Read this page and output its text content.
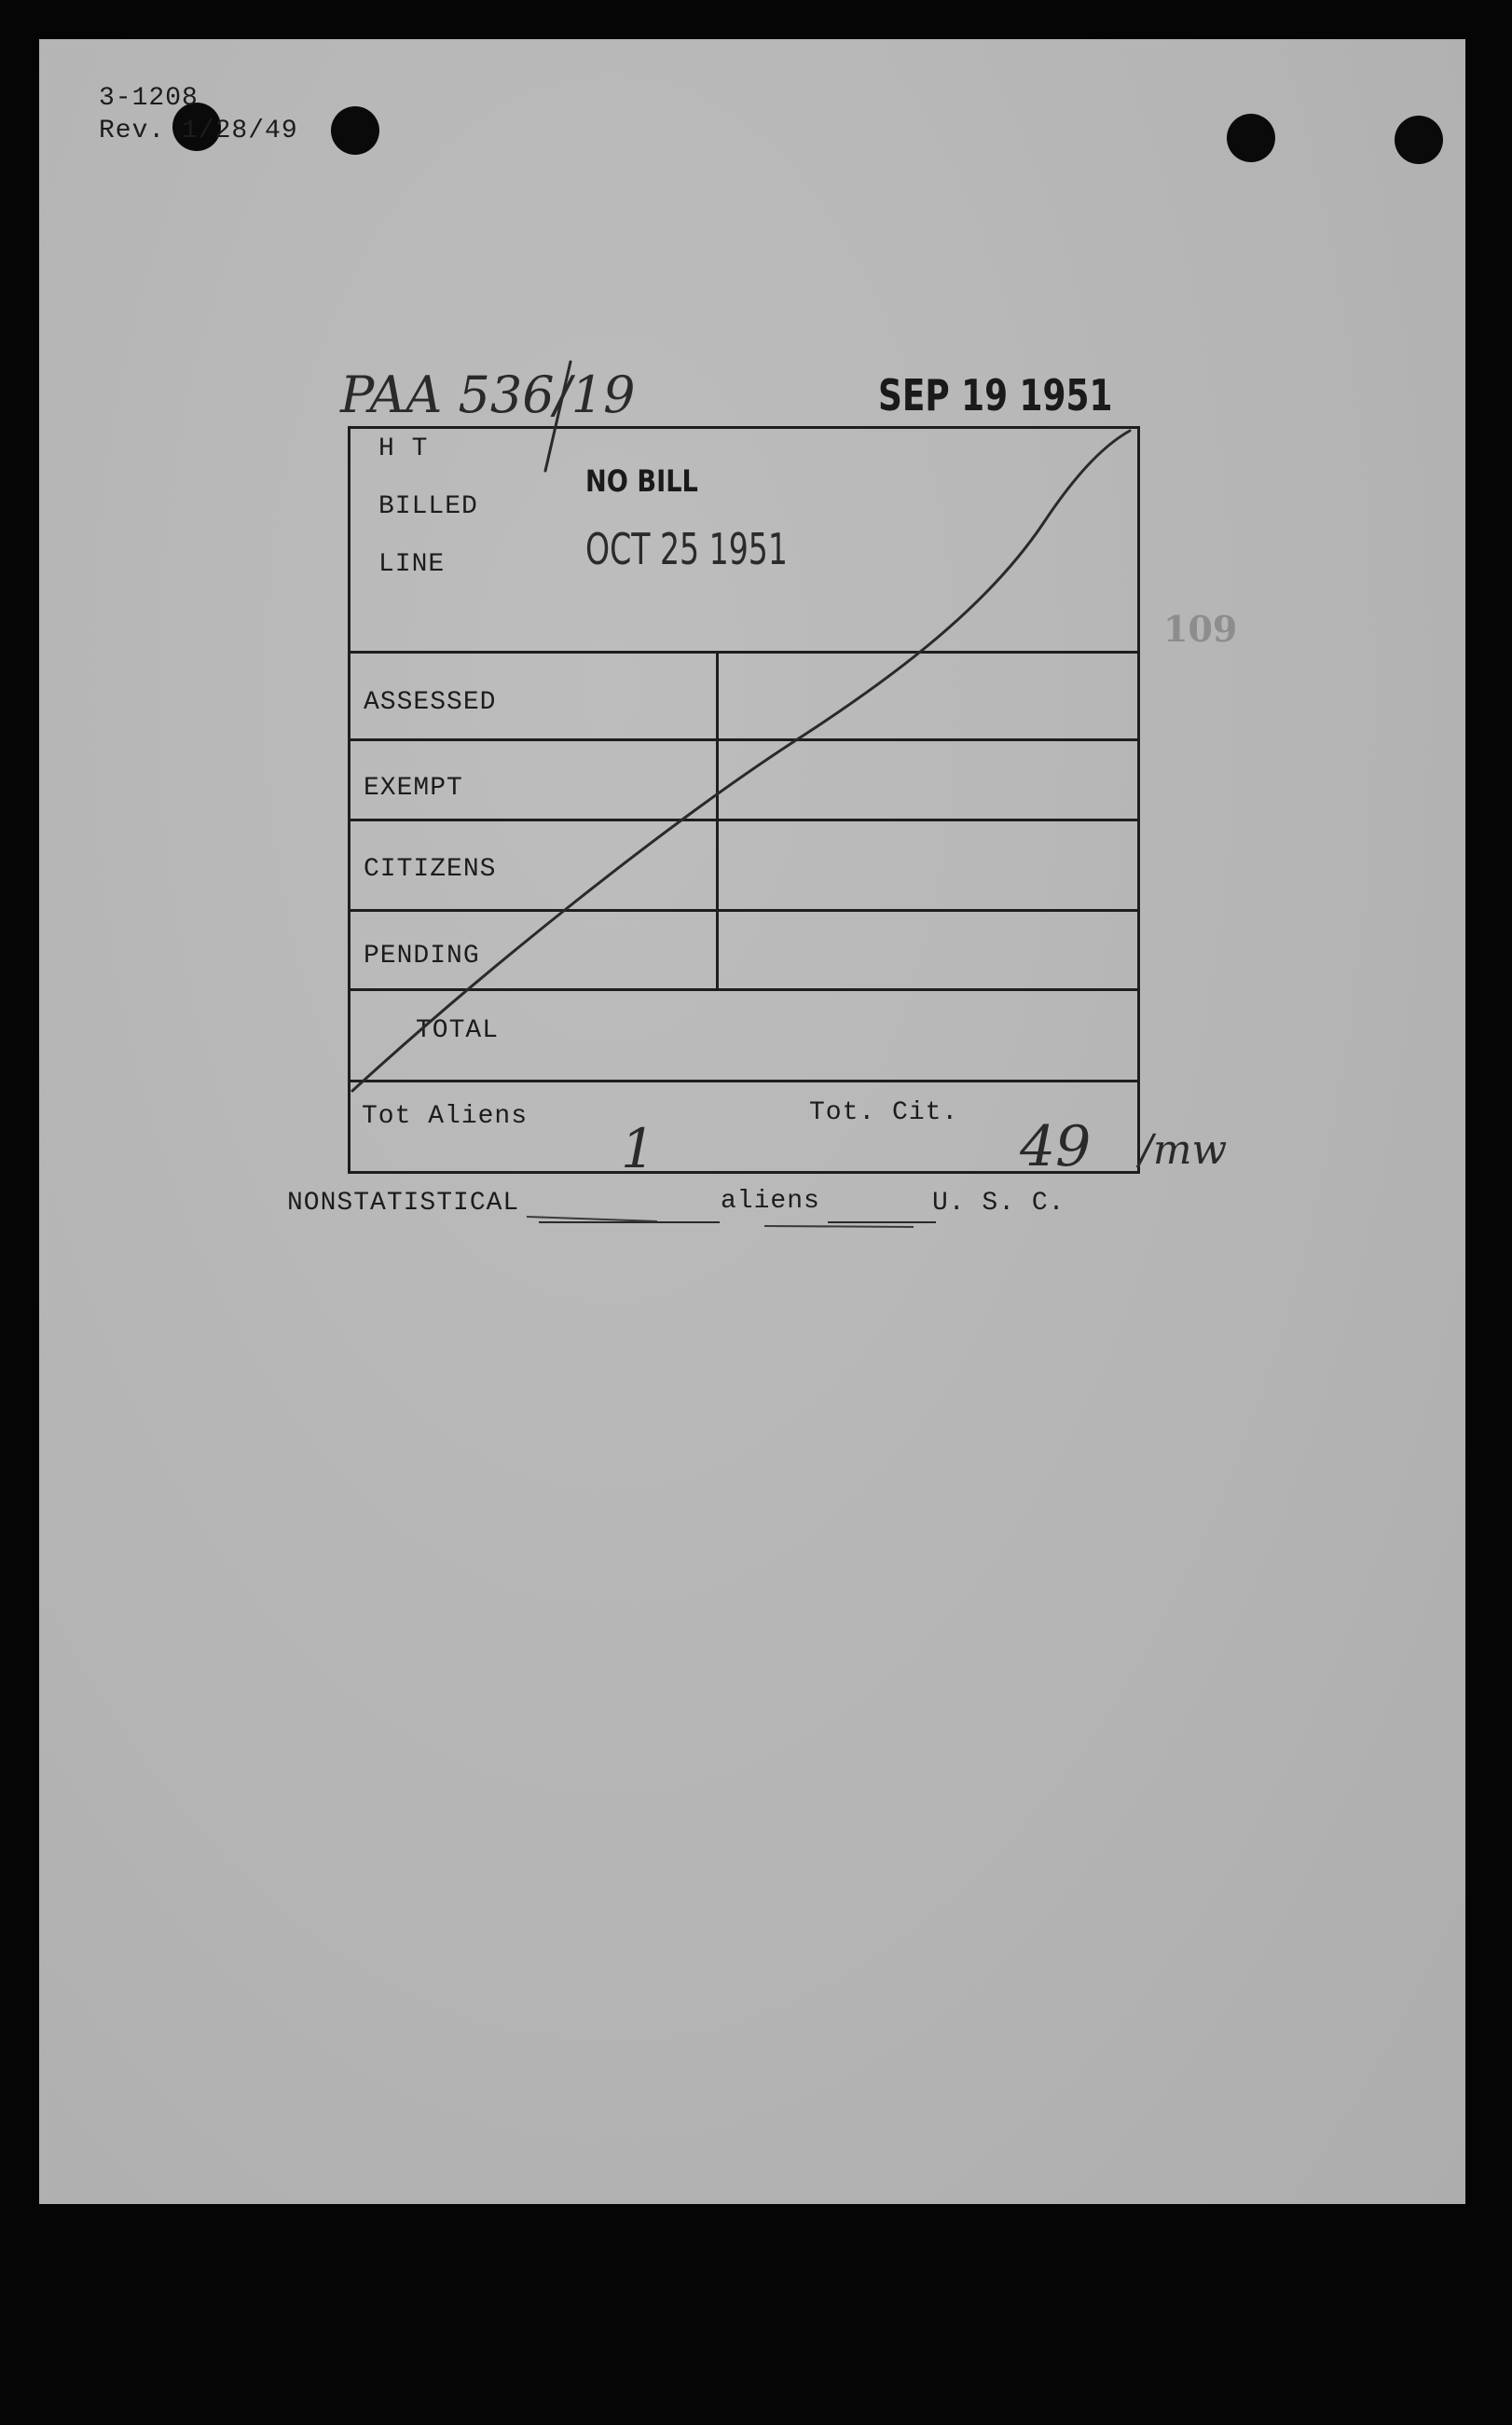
3-1208
Rev. 1/28/49
PAA 536/19	SEP 19 1951
H T
BILLED
LINE
ASSESSED
EXEMPT
CITIZENS
PENDING
TOTAL
Tot Aliens	Tot. Cit.
1	49
NO BILL
OCT 25 1951
109
/mw
NONSTATISTICAL	aliens	U. S. C.
